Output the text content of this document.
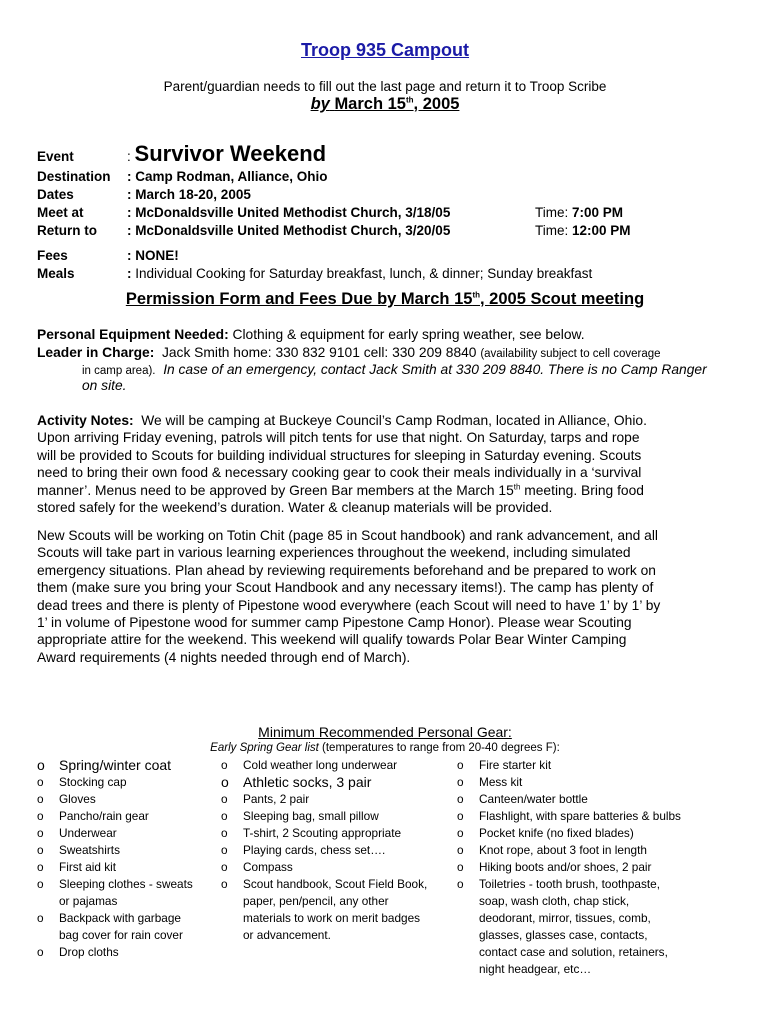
Troop 935 Campout
Parent/guardian needs to fill out the last page and return it to Troop Scribe
by March 15th, 2005
Event	: Survivor Weekend
Destination : Camp Rodman, Alliance, Ohio
Dates	: March 18-20, 2005
Meet at	: McDonaldsville United Methodist Church, 3/18/05	Time: 7:00 PM
Return to : McDonaldsville United Methodist Church, 3/20/05	Time: 12:00 PM
Fees	: NONE!
Meals	: Individual Cooking for Saturday breakfast, lunch, & dinner; Sunday breakfast
Permission Form and Fees Due by March 15th, 2005 Scout meeting
Personal Equipment Needed: Clothing & equipment for early spring weather, see below.
Leader in Charge: Jack Smith home: 330 832 9101 cell: 330 209 8840 (availability subject to cell coverage
in camp area). In case of an emergency, contact Jack Smith at 330 209 8840. There is no Camp Ranger
on site.
Activity Notes: We will be camping at Buckeye Council’s Camp Rodman, located in Alliance, Ohio.
Upon arriving Friday evening, patrols will pitch tents for use that night. On Saturday, tarps and rope
will be provided to Scouts for building individual structures for sleeping in Saturday evening. Scouts
need to bring their own food & necessary cooking gear to cook their meals individually in a ‘survival
manner’. Menus need to be approved by Green Bar members at the March 15th meeting. Bring food
stored safely for the weekend’s duration. Water & cleanup materials will be provided.
New Scouts will be working on Totin Chit (page 85 in Scout handbook) and rank advancement, and all
Scouts will take part in various learning experiences throughout the weekend, including simulated
emergency situations. Plan ahead by reviewing requirements beforehand and be prepared to work on
them (make sure you bring your Scout Handbook and any necessary items!). The camp has plenty of
dead trees and there is plenty of Pipestone wood everywhere (each Scout will need to have 1’ by 1’ by
1’ in volume of Pipestone wood for summer camp Pipestone Camp Honor). Please wear Scouting
appropriate attire for the weekend. This weekend will qualify towards Polar Bear Winter Camping
Award requirements (4 nights needed through end of March).
Minimum Recommended Personal Gear:
Early Spring Gear list (temperatures to range from 20-40 degrees F):
o Spring/winter coat
o Stocking cap
o Gloves
o Pancho/rain gear
o Underwear
o Sweatshirts
o First aid kit
o Sleeping clothes - sweats
or pajamas
o Backpack with garbage
bag cover for rain cover
o Drop cloths
o Cold weather long underwear
o Athletic socks, 3 pair
o Pants, 2 pair
o Sleeping bag, small pillow
o T-shirt, 2 Scouting appropriate
o Playing cards, chess set….
o Compass
o Scout handbook, Scout Field Book,
paper, pen/pencil, any other
materials to work on merit badges
or advancement.
o Fire starter kit
o Mess kit
o Canteen/water bottle
o Flashlight, with spare batteries & bulbs
o Pocket knife (no fixed blades)
o Knot rope, about 3 foot in length
o Hiking boots and/or shoes, 2 pair
o Toiletries - tooth brush, toothpaste,
soap, wash cloth, chap stick,
deodorant, mirror, tissues, comb,
glasses, glasses case, contacts,
contact case and solution, retainers,
night headgear, etc…
